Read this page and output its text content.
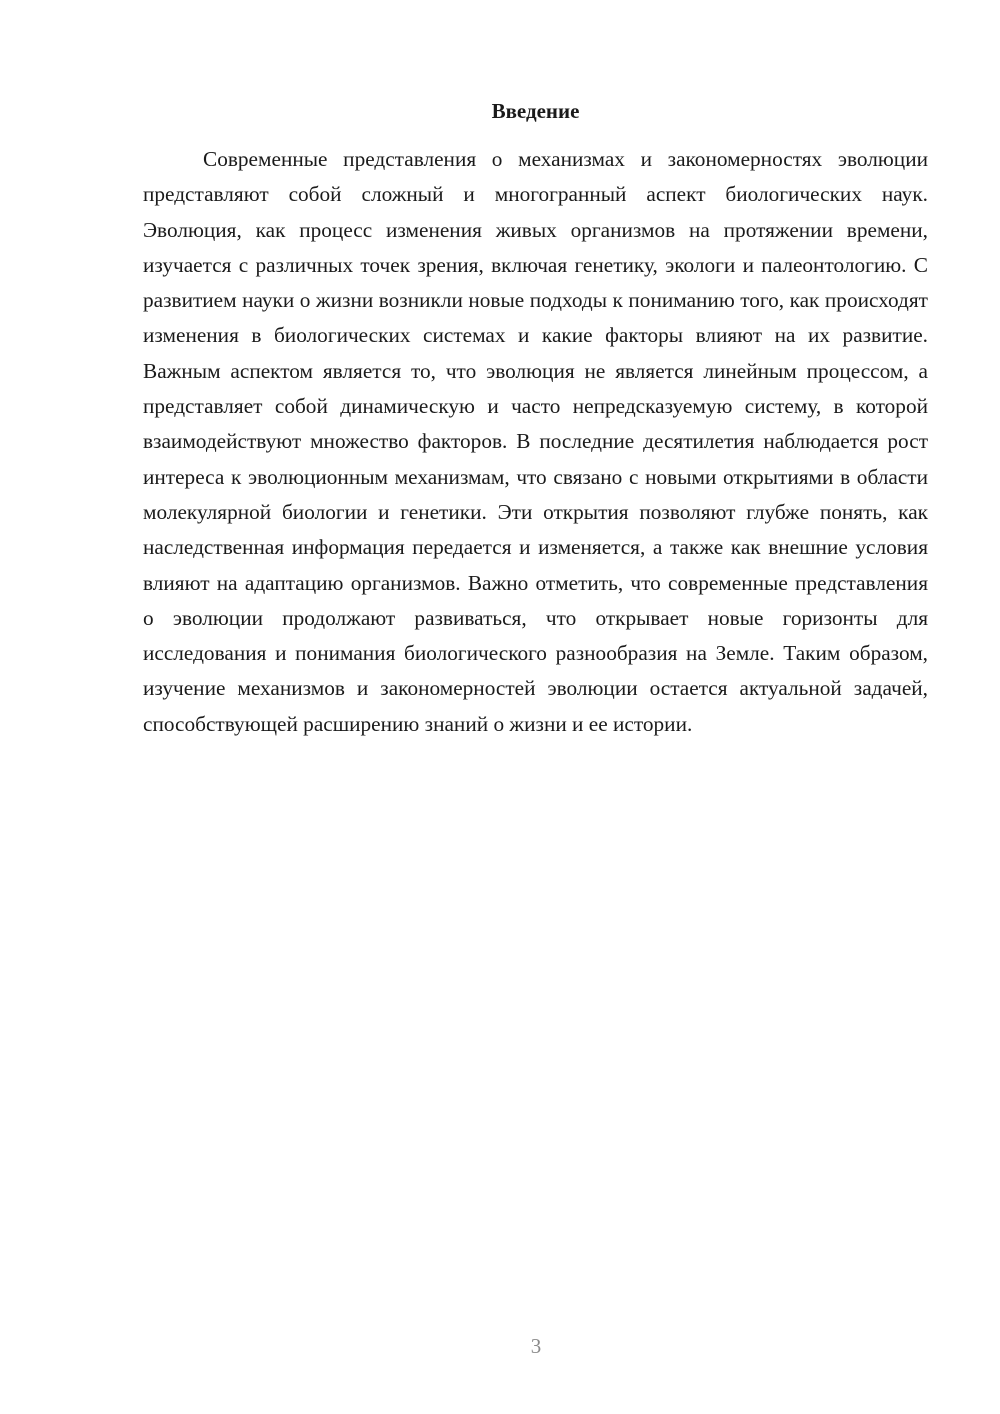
Введение

Современные представления о механизмах и закономерностях эволюции представляют собой сложный и многогранный аспект биологических наук. Эволюция, как процесс изменения живых организмов на протяжении времени, изучается с различных точек зрения, включая генетику, экологи и палеонтологию. С развитием науки о жизни возникли новые подходы к пониманию того, как происходят изменения в биологических системах и какие факторы влияют на их развитие. Важным аспектом является то, что эволюция не является линейным процессом, а представляет собой динамическую и часто непредсказуемую систему, в которой взаимодействуют множество факторов. В последние десятилетия наблюдается рост интереса к эволюционным механизмам, что связано с новыми открытиями в области молекулярной биологии и генетики. Эти открытия позволяют глубже понять, как наследственная информация передается и изменяется, а также как внешние условия влияют на адаптацию организмов. Важно отметить, что современные представления о эволюции продолжают развиваться, что открывает новые горизонты для исследования и понимания биологического разнообразия на Земле. Таким образом, изучение механизмов и закономерностей эволюции остается актуальной задачей, способствующей расширению знаний о жизни и ее истории.

3
